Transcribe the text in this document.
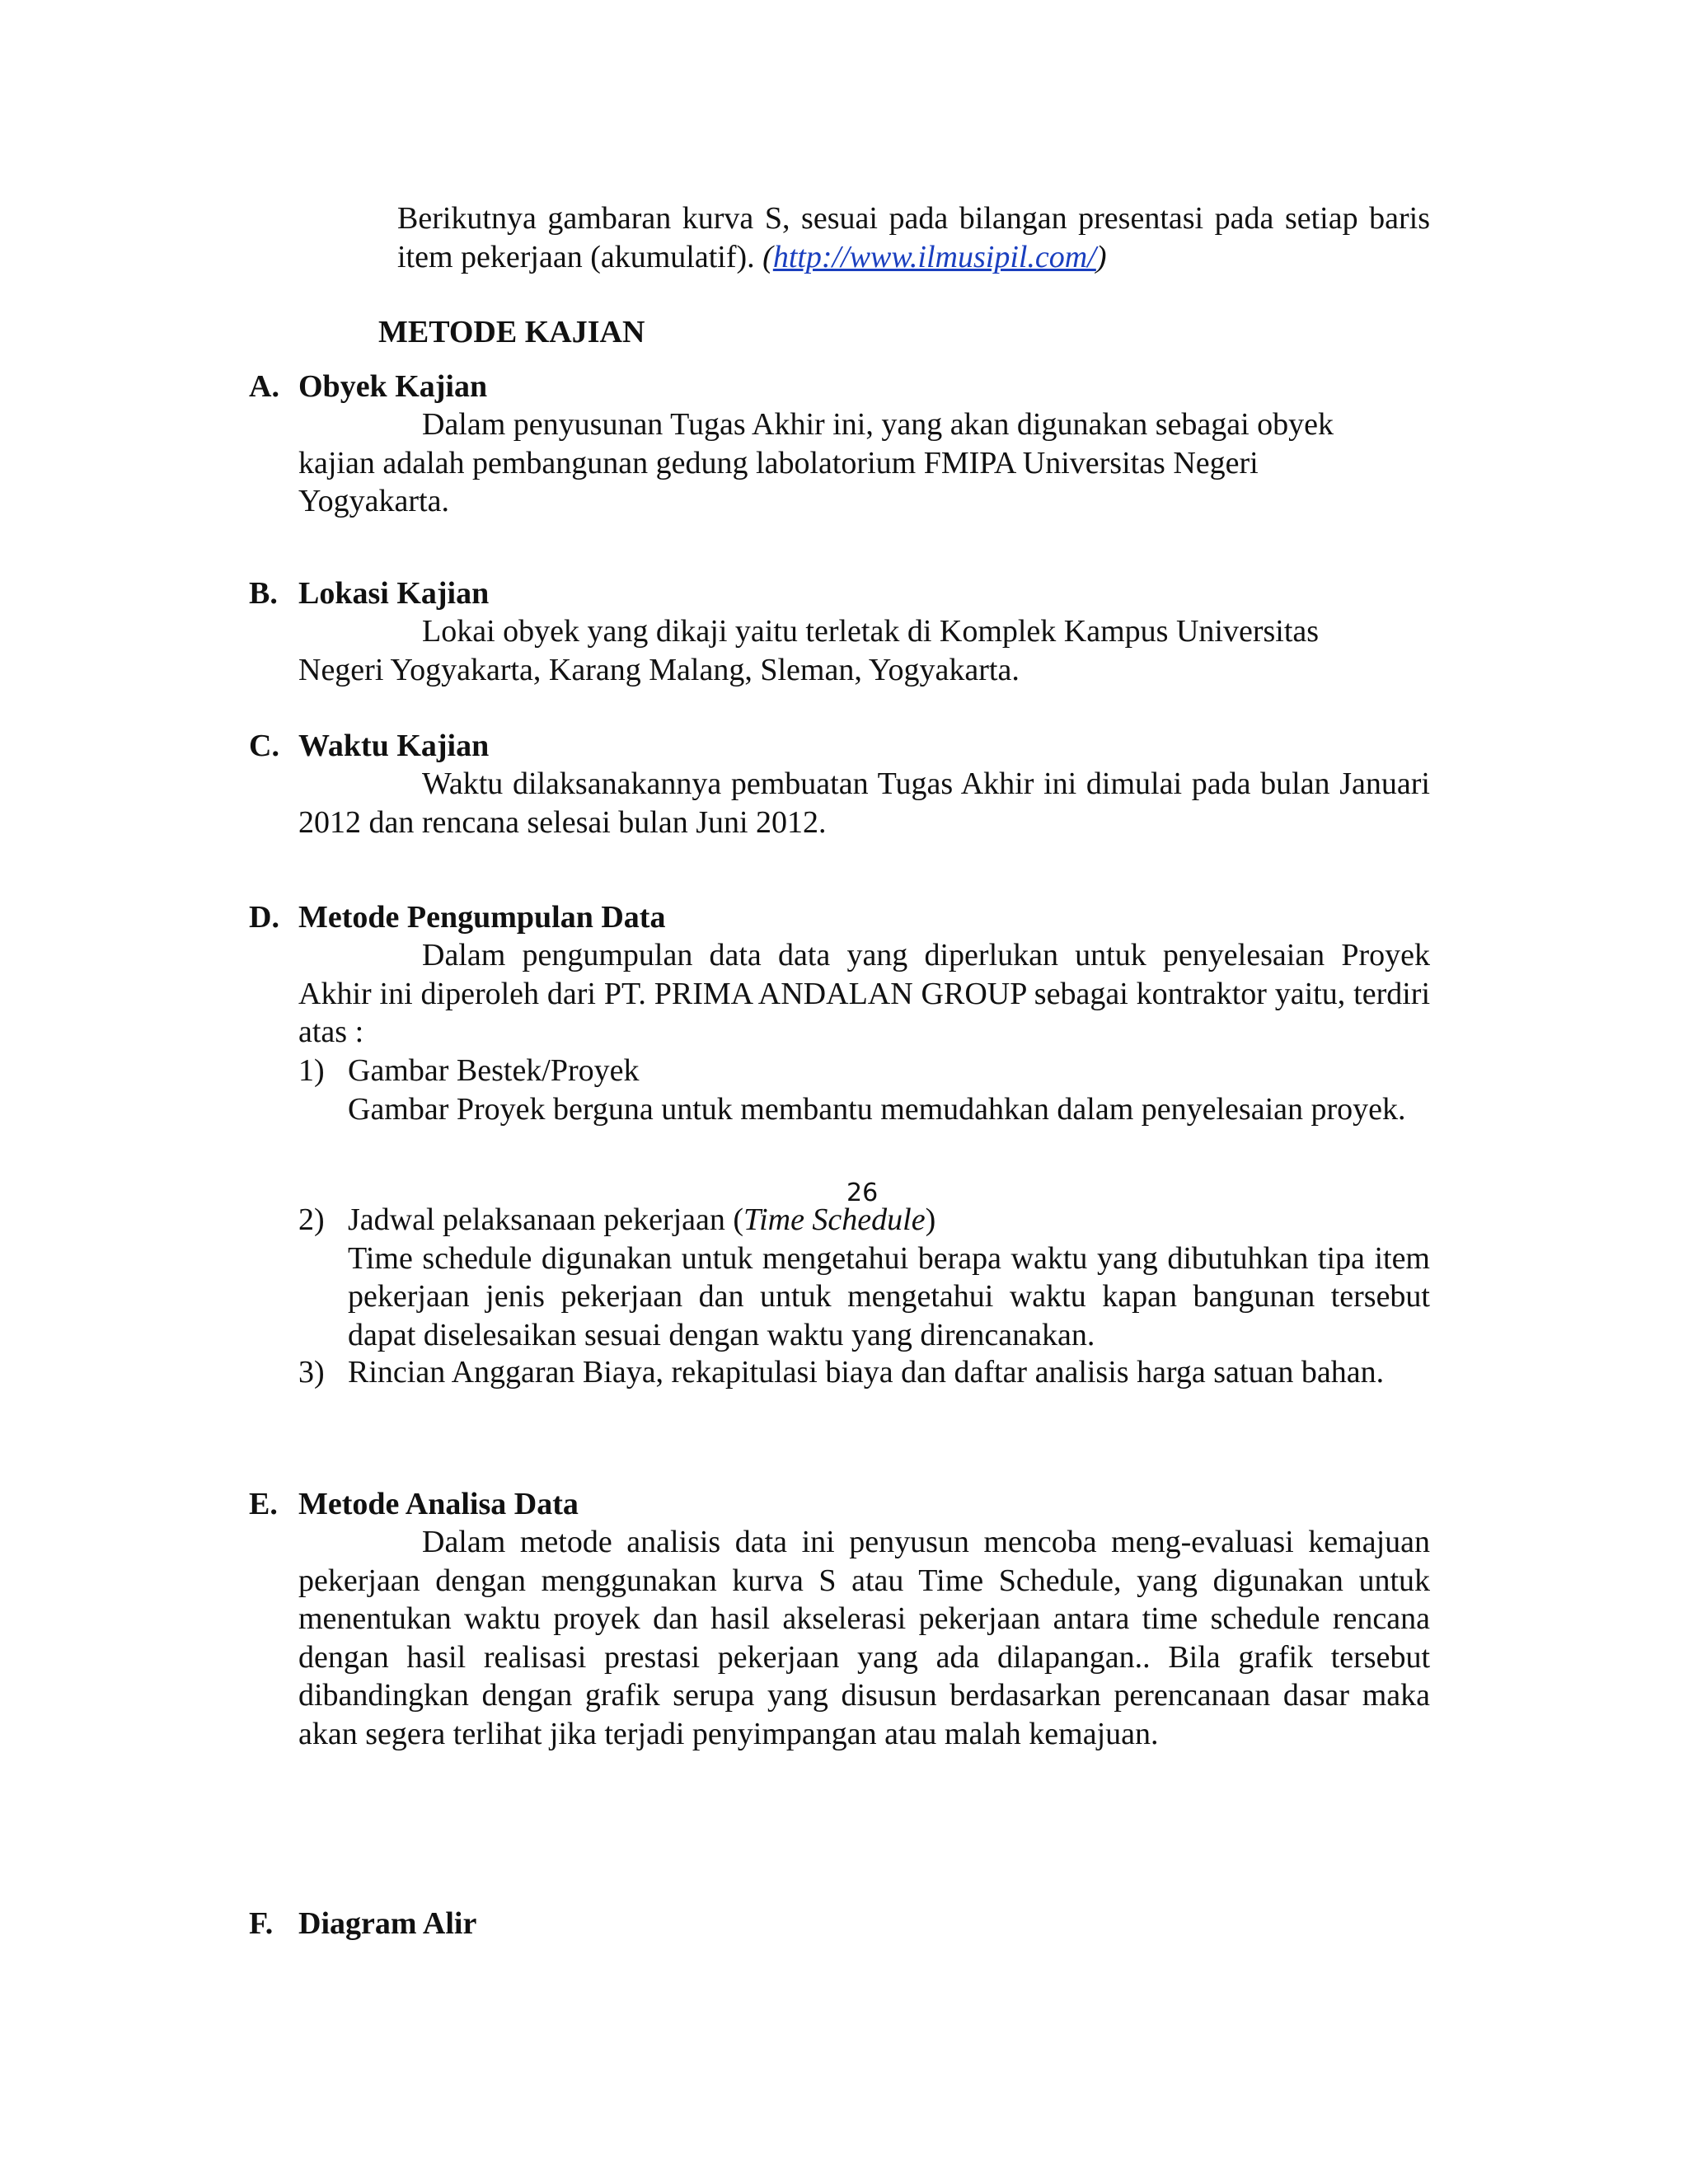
Berikutnya gambaran kurva S, sesuai pada bilangan presentasi pada setiap baris item pekerjaan (akumulatif). (http://www.ilmusipil.com/)

METODE KAJIAN
A. Obyek Kajian

Dalam penyusunan Tugas Akhir ini, yang akan digunakan sebagai obyek kajian adalah pembangunan gedung labolatorium FMIPA Universitas Negeri Yogyakarta.

B. Lokasi Kajian

Lokai obyek yang dikaji yaitu terletak di Komplek Kampus Universitas Negeri Yogyakarta, Karang Malang, Sleman, Yogyakarta.

C. Waktu Kajian

Waktu dilaksanakannya pembuatan Tugas Akhir ini dimulai pada bulan Januari 2012 dan rencana selesai bulan Juni 2012.

D. Metode Pengumpulan Data

Dalam pengumpulan data data yang diperlukan untuk penyelesaian Proyek Akhir ini diperoleh dari PT. PRIMA ANDALAN GROUP sebagai kontraktor yaitu, terdiri atas :

1) Gambar Bestek/Proyek
Gambar Proyek berguna untuk membantu memudahkan dalam penyelesaian proyek.
2) Jadwal pelaksanaan pekerjaan (Time Schedule)
Time schedule digunakan untuk mengetahui berapa waktu yang dibutuhkan tipa item pekerjaan jenis pekerjaan dan untuk mengetahui waktu kapan bangunan tersebut dapat diselesaikan sesuai dengan waktu yang direncanakan.
3) Rincian Anggaran Biaya, rekapitulasi biaya dan daftar analisis harga satuan bahan.
E. Metode Analisa Data

Dalam metode analisis data ini penyusun mencoba meng-evaluasi kemajuan pekerjaan dengan menggunakan kurva S atau Time Schedule, yang digunakan untuk menentukan waktu proyek dan hasil akselerasi pekerjaan antara time schedule rencana dengan hasil realisasi prestasi pekerjaan yang ada dilapangan.. Bila grafik tersebut dibandingkan dengan grafik serupa yang disusun berdasarkan perencanaan dasar maka akan segera terlihat jika terjadi penyimpangan atau malah kemajuan.

F. Diagram Alir
26
